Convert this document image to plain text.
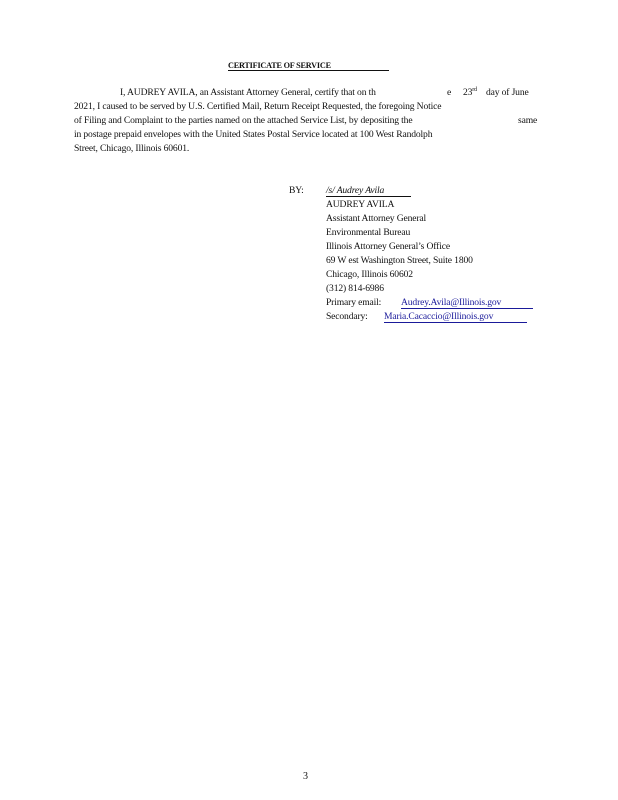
CERTIFICATE OF SERVICE
I, AUDREY AVILA, an Assistant Attorney General, certify that on th	e 23rd day of June
2021, I caused to be served by U.S. Certified Mail, Return Receipt Requested, the foregoing Notice
of Filing and Complaint to the parties named on the attached Service List, by depositing the	same
in postage prepaid envelopes with the United States Postal Service located at 100 West Randolph
Street, Chicago, Illinois 60601.
BY: /s/ Audrey Avila
AUDREY AVILA
Assistant Attorney General
Environmental Bureau
Illinois Attorney General’s Office
69 W est Washington Street, Suite 1800
Chicago, Illinois 60602
(312) 814-6986
Primary email: Audrey.Avila@Illinois.gov
Secondary: Maria.Cacaccio@Illinois.gov
3
